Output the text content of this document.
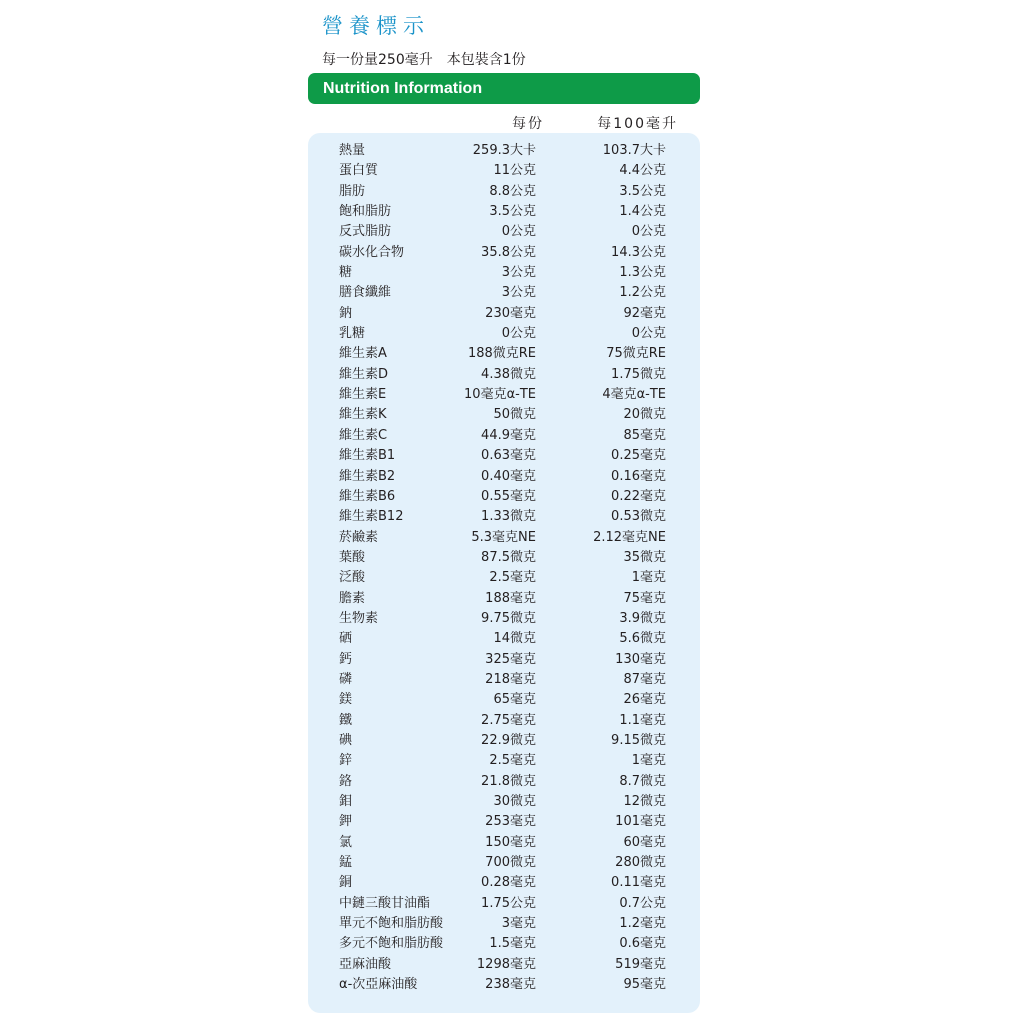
營養標示
每一份量250毫升 本包裝含1份
Nutrition Information
每份	每100毫升
熱量	259.3大卡	103.7大卡
蛋白質	11公克	4.4公克
脂肪	8.8公克	3.5公克
飽和脂肪	3.5公克	1.4公克
反式脂肪	0公克	0公克
碳水化合物	35.8公克	14.3公克
糖	3公克	1.3公克
膳食纖維	3公克	1.2公克
鈉	230毫克	92毫克
乳糖	0公克	0公克
維生素A	188微克RE	75微克RE
維生素D	4.38微克	1.75微克
維生素E	10毫克α-TE	4毫克α-TE
維生素K	50微克	20微克
維生素C	44.9毫克	85毫克
維生素B1	0.63毫克	0.25毫克
維生素B2	0.40毫克	0.16毫克
維生素B6	0.55毫克	0.22毫克
維生素B12	1.33微克	0.53微克
菸鹼素	5.3毫克NE	2.12毫克NE
葉酸	87.5微克	35微克
泛酸	2.5毫克	1毫克
膽素	188毫克	75毫克
生物素	9.75微克	3.9微克
硒	14微克	5.6微克
鈣	325毫克	130毫克
磷	218毫克	87毫克
鎂	65毫克	26毫克
鐵	2.75毫克	1.1毫克
碘	22.9微克	9.15微克
鋅	2.5毫克	1毫克
鉻	21.8微克	8.7微克
鉬	30微克	12微克
鉀	253毫克	101毫克
氯	150毫克	60毫克
錳	700微克	280微克
銅	0.28毫克	0.11毫克
中鏈三酸甘油酯	1.75公克	0.7公克
單元不飽和脂肪酸	3毫克	1.2毫克
多元不飽和脂肪酸	1.5毫克	0.6毫克
亞麻油酸	1298毫克	519毫克
α-次亞麻油酸	238毫克	95毫克
